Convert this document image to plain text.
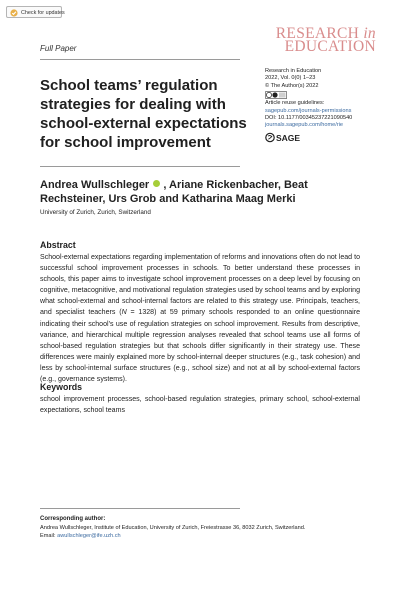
Check for updates
RESEARCH in
EDUCATION
Full Paper
School teams’ regulation strategies for dealing with school-external expectations for school improvement
Research in Education
2022, Vol. 0(0) 1–23
© The Author(s) 2022
Article reuse guidelines:
sagepub.com/journals-permissions
DOI: 10.1177/00345237221090540
journals.sagepub.com/home/rie
SAGE
Andrea Wullschleger , Ariane Rickenbacher, Beat Rechsteiner, Urs Grob and Katharina Maag Merki
University of Zurich, Zurich, Switzerland
Abstract

School-external expectations regarding implementation of reforms and innovations often do not lead to successful school improvement processes in schools. To better understand these processes in schools, this paper aims to investigate school improvement processes on a deep level by focusing on cognitive, metacognitive, and motivational regulation strategies used by school teams and by exploring what school-external and school-internal factors are related to this strategy use. Principals, teachers, and specialist teachers (N = 1328) at 59 primary schools responded to an online questionnaire indicating their school’s use of regulation strategies on school improvement. Results from descriptive, variance, and hierarchical multiple regression analyses revealed that school teams use all forms of school-based regulation strategies but that schools differ significantly in their strategy use. These differences were mainly explained more by school-internal deeper structures (e.g., task cohesion) and less by school-internal surface structures (e.g., school size) and not at all by school-external factors (e.g., governance systems).

Keywords

school improvement processes, school-based regulation strategies, primary school, school-external expectations, school teams

Corresponding author:
Andrea Wullschleger, Institute of Education, University of Zurich, Freiestrasse 36, 8032 Zurich, Switzerland.
Email: awullschleger@ife.uzh.ch
